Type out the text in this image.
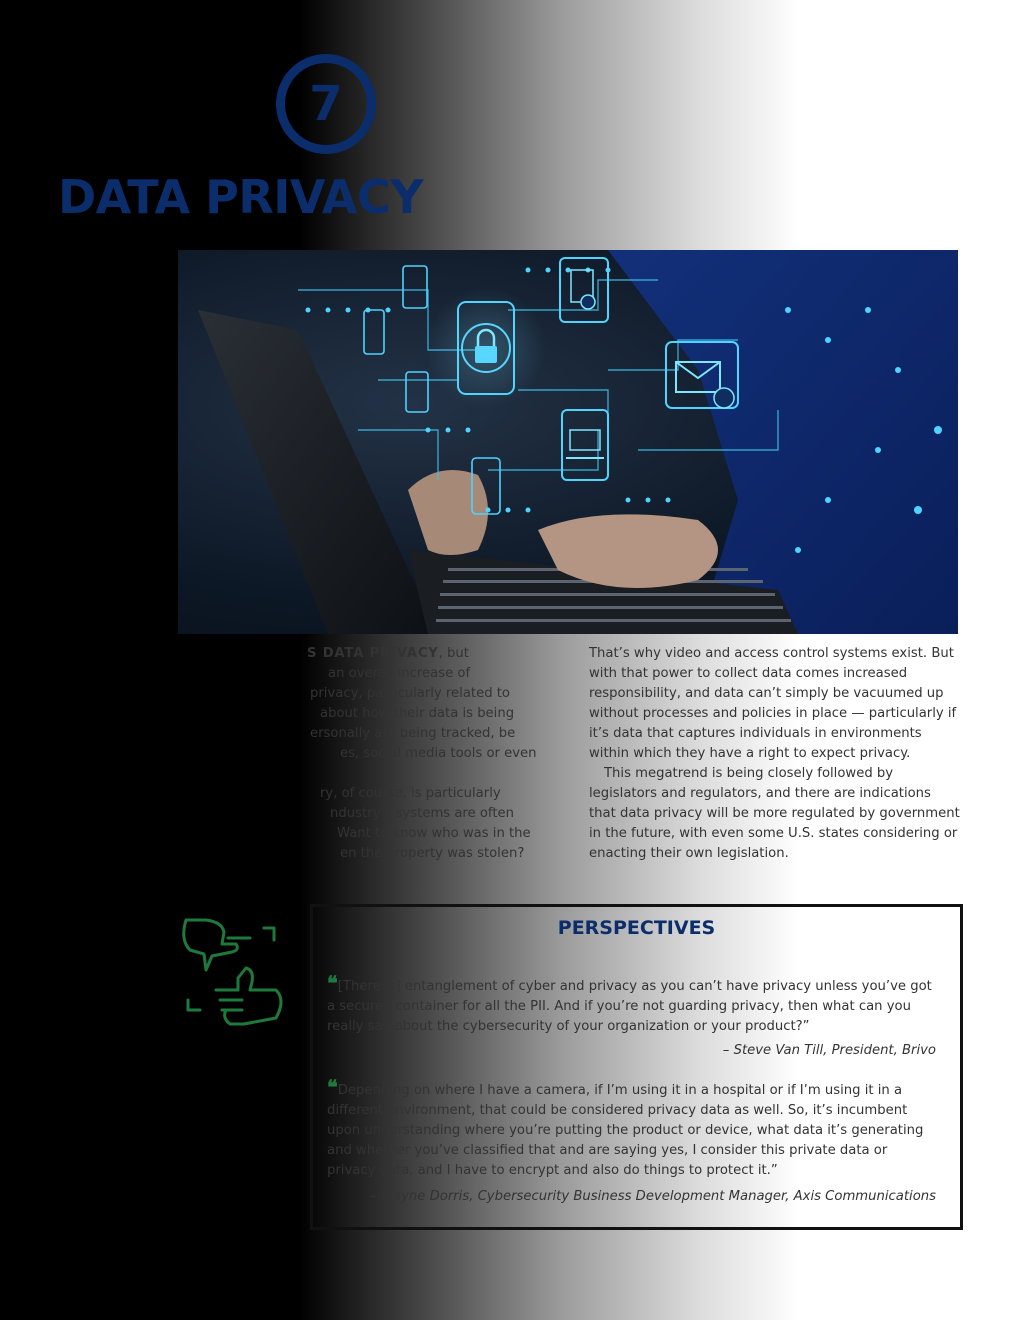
7
DATA PRIVACY

S DATA PRIVACY, but

an overall increase of

privacy, particularly related to

about how their data is being

ersonally are being tracked, be

es, social media tools or even

ry, of course, is particularly

ndustry’s systems are often

Want to know who was in the

en the property was stolen?

That’s why video and access control systems exist. But with that power to collect data comes increased responsibility, and data can’t simply be vacuumed up without processes and policies in place — particularly if it’s data that captures individuals in environments within which they have a right to expect privacy.

This megatrend is being closely followed by legislators and regulators, and there are indications that data privacy will be more regulated by government in the future, with even some U.S. states considering or enacting their own legislation.

PERSPECTIVES
❝[There is] entanglement of cyber and privacy as you can’t have privacy unless you’ve got a secured container for all the PII. And if you’re not guarding privacy, then what can you really say about the cybersecurity of your organization or your product?”
– Steve Van Till, President, Brivo
❝Depending on where I have a camera, if I’m using it in a hospital or if I’m using it in a different environment, that could be considered privacy data as well. So, it’s incumbent upon understanding where you’re putting the product or device, what data it’s generating and whether you’ve classified that and are saying yes, I consider this private data or privacy data, and I have to encrypt and also do things to protect it.”
– Wayne Dorris, Cybersecurity Business Development Manager, Axis Communications
